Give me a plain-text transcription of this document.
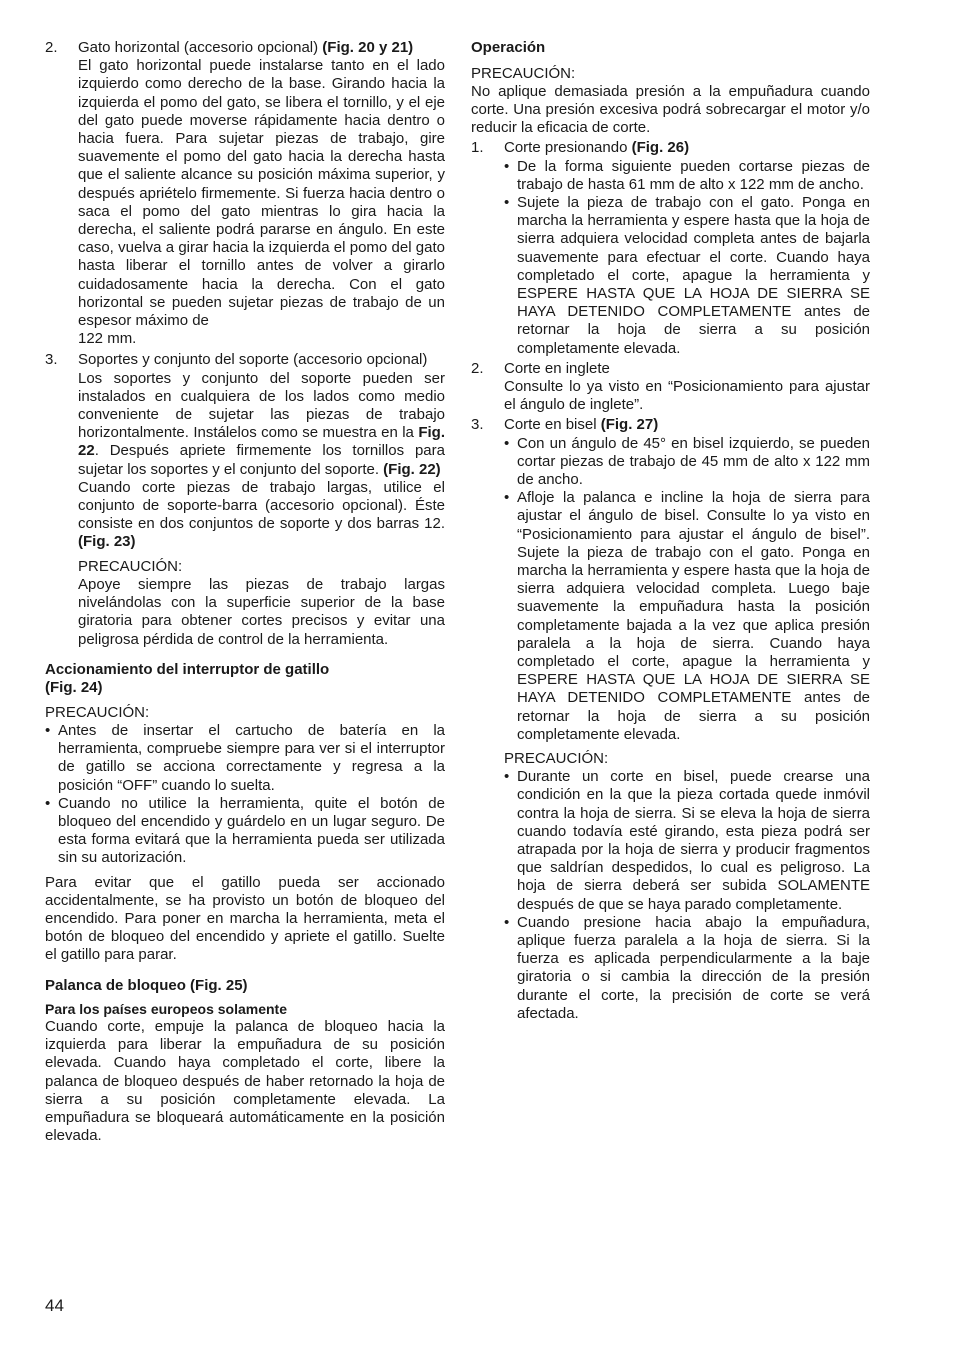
2. Gato horizontal (accesorio opcional) (Fig. 20 y 21)

El gato horizontal puede instalarse tanto en el lado izquierdo como derecho de la base. Girando hacia la izquierda el pomo del gato, se libera el tornillo, y el eje del gato puede moverse rápidamente hacia dentro o hacia fuera. Para sujetar piezas de trabajo, gire suavemente el pomo del gato hacia la derecha hasta que el saliente alcance su posición máxima superior, y después apriételo firmemente. Si fuerza hacia dentro o saca el pomo del gato mientras lo gira hacia la derecha, el saliente podrá pararse en ángulo. En este caso, vuelva a girar hacia la izquierda el pomo del gato hasta liberar el tornillo antes de volver a girarlo cuidadosamente hacia la derecha. Con el gato horizontal se pueden sujetar piezas de trabajo de un espesor máximo de

122 mm.

3. Soportes y conjunto del soporte (accesorio opcional)

Los soportes y conjunto del soporte pueden ser instalados en cualquiera de los lados como medio conveniente de sujetar las piezas de trabajo horizontalmente. Instálelos como se muestra en la Fig. 22. Después apriete firmemente los tornillos para sujetar los soportes y el conjunto del soporte. (Fig. 22)

Cuando corte piezas de trabajo largas, utilice el conjunto de soporte-barra (accesorio opcional). Éste consiste en dos conjuntos de soporte y dos barras 12. (Fig. 23)

PRECAUCIÓN:

Apoye siempre las piezas de trabajo largas nivelándolas con la superficie superior de la base giratoria para obtener cortes precisos y evitar una peligrosa pérdida de control de la herramienta.

Accionamiento del interruptor de gatillo
(Fig. 24)

PRECAUCIÓN:

• Antes de insertar el cartucho de batería en la herramienta, compruebe siempre para ver si el interruptor de gatillo se acciona correctamente y regresa a la posición “OFF” cuando lo suelta.
• Cuando no utilice la herramienta, quite el botón de bloqueo del encendido y guárdelo en un lugar seguro. De esta forma evitará que la herramienta pueda ser utilizada sin su autorización.

Para evitar que el gatillo pueda ser accionado accidentalmente, se ha provisto un botón de bloqueo del encendido. Para poner en marcha la herramienta, meta el botón de bloqueo del encendido y apriete el gatillo. Suelte el gatillo para parar.

Palanca de bloqueo (Fig. 25)
Para los países europeos solamente

Cuando corte, empuje la palanca de bloqueo hacia la izquierda para liberar la empuñadura de su posición elevada. Cuando haya completado el corte, libere la palanca de bloqueo después de haber retornado la hoja de sierra a su posición completamente elevada. La empuñadura se bloqueará automáticamente en la posición elevada.

Operación

PRECAUCIÓN:

No aplique demasiada presión a la empuñadura cuando corte. Una presión excesiva podrá sobrecargar el motor y/o reducir la eficacia de corte.

1. Corte presionando (Fig. 26)
• De la forma siguiente pueden cortarse piezas de trabajo de hasta 61 mm de alto x 122 mm de ancho.
• Sujete la pieza de trabajo con el gato. Ponga en marcha la herramienta y espere hasta que la hoja de sierra adquiera velocidad completa antes de bajarla suavemente para efectuar el corte. Cuando haya completado el corte, apague la herramienta y ESPERE HASTA QUE LA HOJA DE SIERRA SE HAYA DETENIDO COMPLETAMENTE antes de retornar la hoja de sierra a su posición completamente elevada.
2. Corte en inglete

Consulte lo ya visto en “Posicionamiento para ajustar el ángulo de inglete”.

3. Corte en bisel (Fig. 27)
• Con un ángulo de 45° en bisel izquierdo, se pueden cortar piezas de trabajo de 45 mm de alto x 122 mm de ancho.
• Afloje la palanca e incline la hoja de sierra para ajustar el ángulo de bisel. Consulte lo ya visto en “Posicionamiento para ajustar el ángulo de bisel”. Sujete la pieza de trabajo con el gato. Ponga en marcha la herramienta y espere hasta que la hoja de sierra adquiera velocidad completa. Luego baje suavemente la empuñadura hasta la posición completamente bajada a la vez que aplica presión paralela a la hoja de sierra. Cuando haya completado el corte, apague la herramienta y ESPERE HASTA QUE LA HOJA DE SIERRA SE HAYA DETENIDO COMPLETAMENTE antes de retornar la hoja de sierra a su posición completamente elevada.

PRECAUCIÓN:

• Durante un corte en bisel, puede crearse una condición en la que la pieza cortada quede inmóvil contra la hoja de sierra. Si se eleva la hoja de sierra cuando todavía esté girando, esta pieza podrá ser atrapada por la hoja de sierra y producir fragmentos que saldrían despedidos, lo cual es peligroso. La hoja de sierra deberá ser subida SOLAMENTE después de que se haya parado completamente.
• Cuando presione hacia abajo la empuñadura, aplique fuerza paralela a la hoja de sierra. Si la fuerza es aplicada perpendicularmente a la baje giratoria o si cambia la dirección de la presión durante el corte, la precisión de corte se verá afectada.
44
